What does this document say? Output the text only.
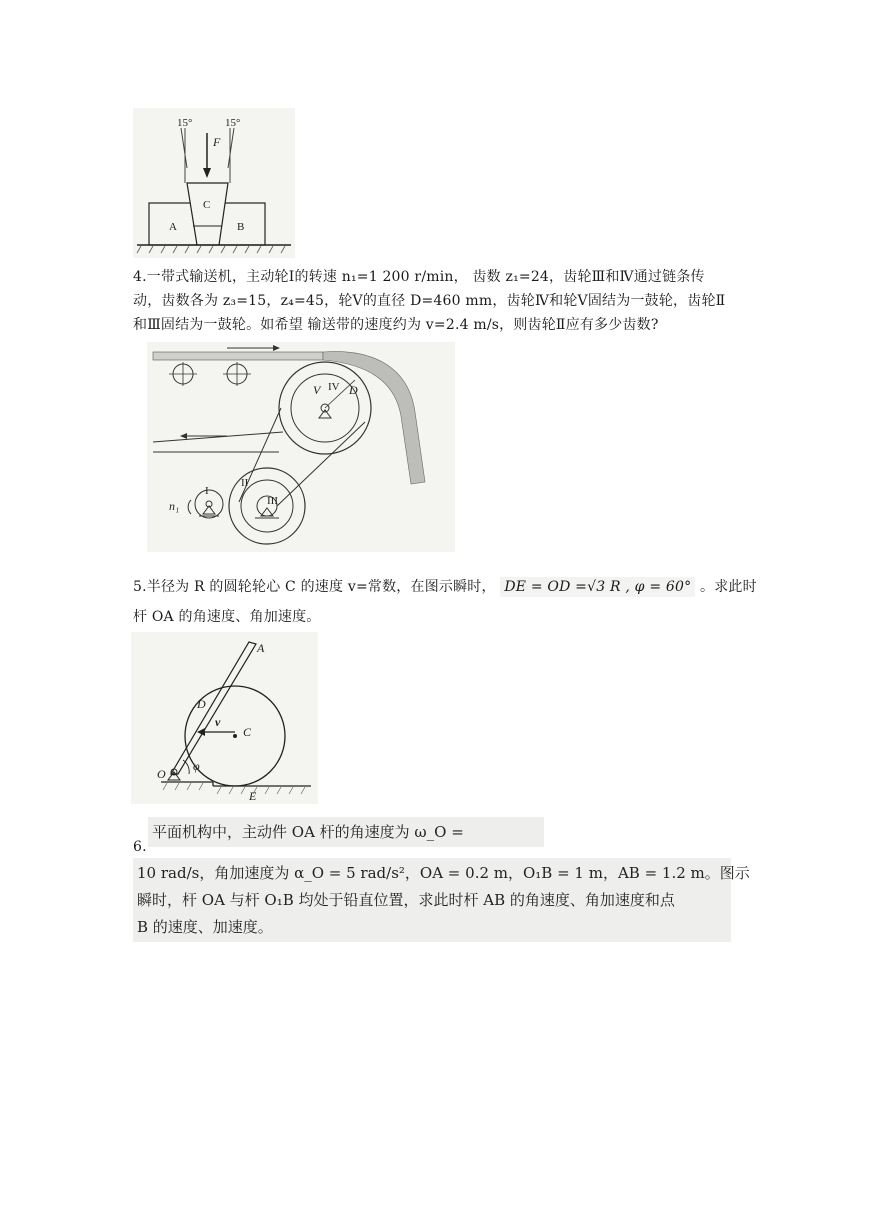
15°	15°
F
A	B
C
4.一带式输送机，主动轮Ⅰ的转速 n₁=1 200 r/min， 齿数 z₁=24，齿轮Ⅲ和Ⅳ通过链条传
动，齿数各为 z₃=15，z₄=45，轮Ⅴ的直径 D=460 mm，齿轮Ⅳ和轮Ⅴ固结为一鼓轮，齿轮Ⅱ
和Ⅲ固结为一鼓轮。如希望 输送带的速度约为 v=2.4 m/s，则齿轮Ⅱ应有多少齿数?
V IV D
I
II
III
n₁
5.半径为 R 的圆轮轮心 C 的速度 v=常数，在图示瞬时， DE = OD =√3 R , φ = 60° 。求此时
杆 OA 的角速度、角加速度。
A
D
v
C
O
φ
E
6.
平面机构中，主动件 OA 杆的角速度为 ω_O =
10 rad/s，角加速度为 α_O = 5 rad/s²，OA = 0.2 m，O₁B = 1 m，AB = 1.2 m。图示
瞬时，杆 OA 与杆 O₁B 均处于铅直位置，求此时杆 AB 的角速度、角加速度和点
B 的速度、加速度。
